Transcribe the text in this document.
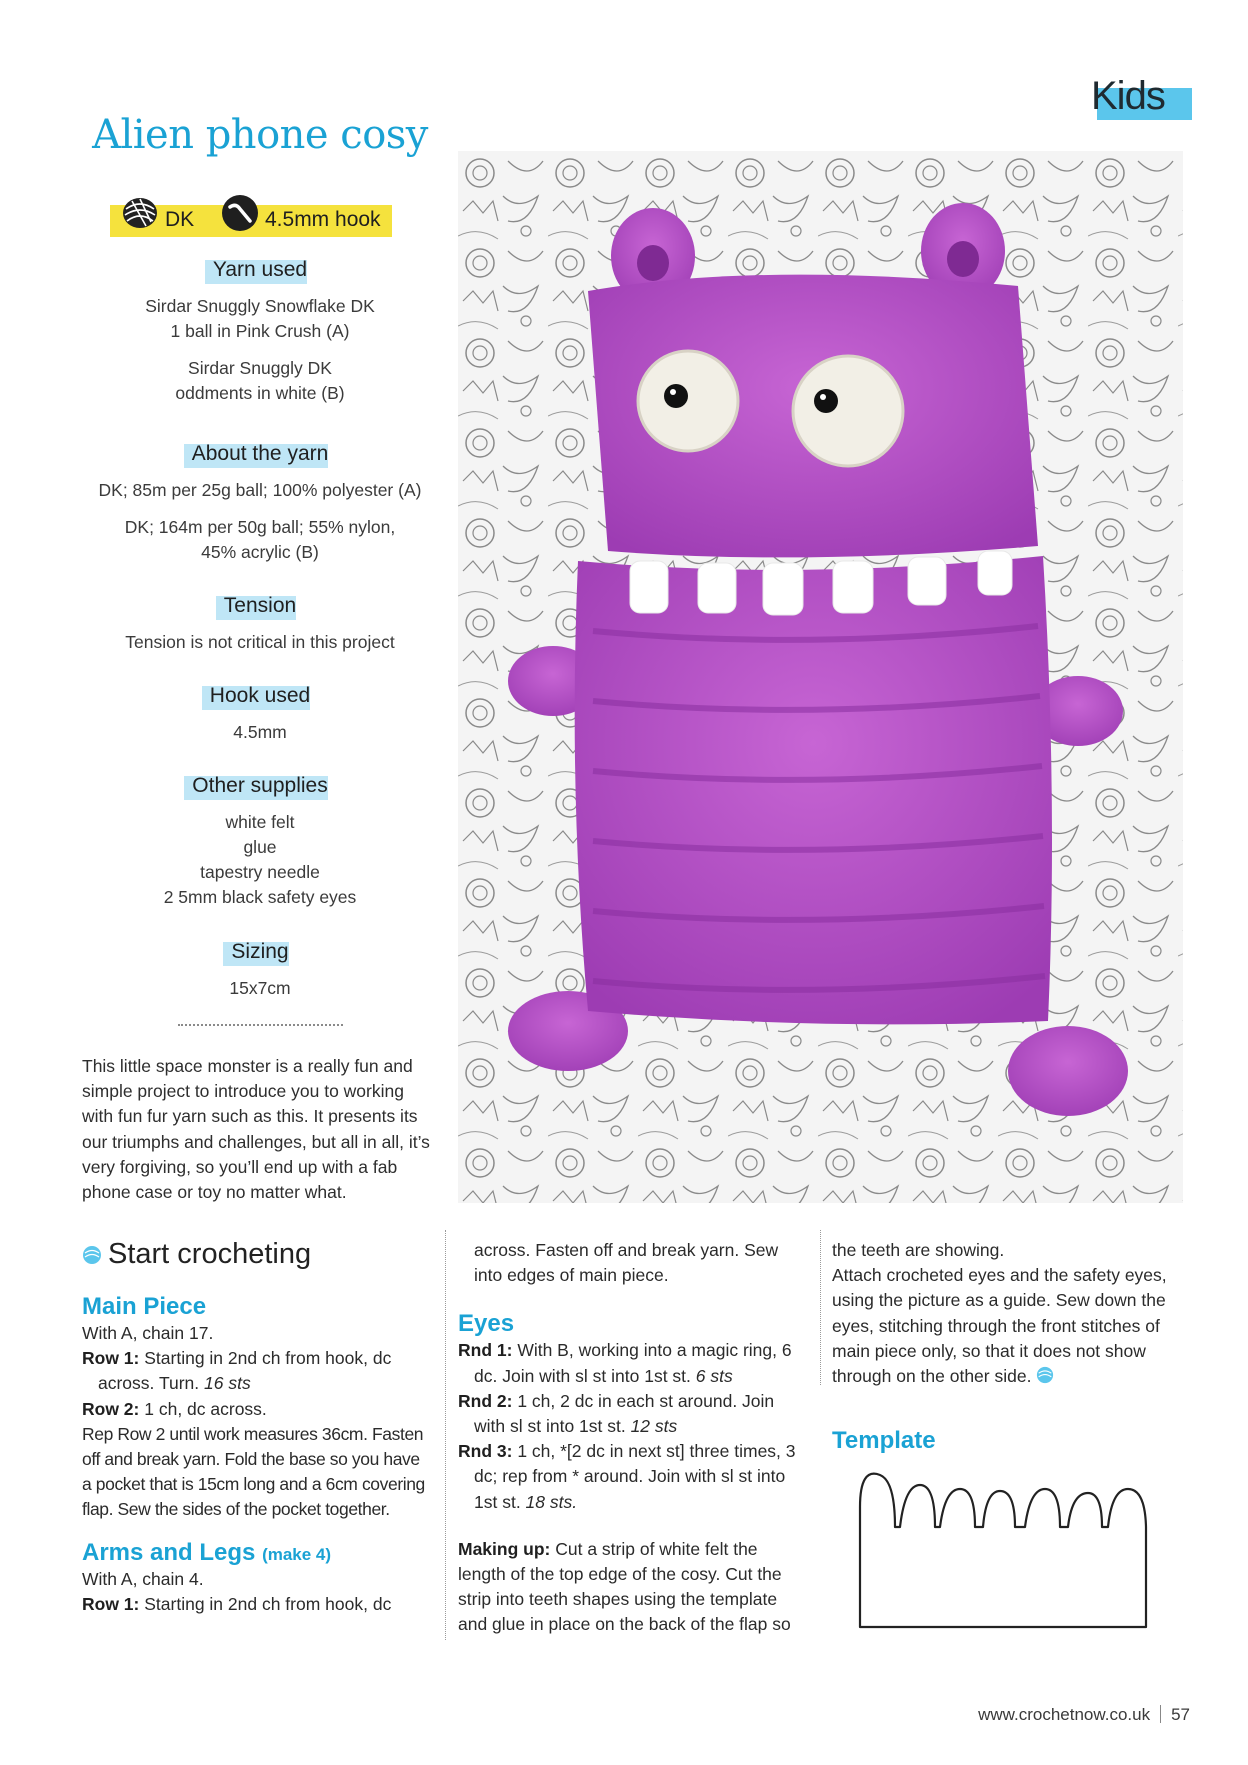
Kids
Alien phone cosy
DK	4.5mm hook
Yarn used
Sirdar Snuggly Snowflake DK
1 ball in Pink Crush (A)
Sirdar Snuggly DK
oddments in white (B)
About the yarn
DK; 85m per 25g ball; 100% polyester (A)
DK; 164m per 50g ball; 55% nylon,
45% acrylic (B)
Tension
Tension is not critical in this project
Hook used
4.5mm
Other supplies
white felt
glue
tapestry needle
2 5mm black safety eyes
Sizing
15x7cm
This little space monster is a really fun and simple project to introduce you to working with fun fur yarn such as this. It presents its our triumphs and challenges, but all in all, it’s very forgiving, so you’ll end up with a fab phone case or toy no matter what.
Start crocheting
Main Piece
With A, chain 17.
Row 1: Starting in 2nd ch from hook, dc across. Turn. 16 sts
Row 2: 1 ch, dc across.
Rep Row 2 until work measures 36cm. Fasten off and break yarn. Fold the base so you have a pocket that is 15cm long and a 6cm covering flap. Sew the sides of the pocket together.
Arms and Legs (make 4)
With A, chain 4.
Row 1: Starting in 2nd ch from hook, dc
across. Fasten off and break yarn. Sew into edges of main piece.
Eyes
Rnd 1: With B, working into a magic ring, 6 dc. Join with sl st into 1st st. 6 sts
Rnd 2: 1 ch, 2 dc in each st around. Join with sl st into 1st st. 12 sts
Rnd 3: 1 ch, *[2 dc in next st] three times, 3 dc; rep from * around. Join with sl st into 1st st. 18 sts.
Making up: Cut a strip of white felt the length of the top edge of the cosy. Cut the strip into teeth shapes using the template and glue in place on the back of the flap so
the teeth are showing.
Attach crocheted eyes and the safety eyes, using the picture as a guide. Sew down the eyes, stitching through the front stitches of main piece only, so that it does not show through on the other side.
Template
www.crochetnow.co.uk 57
